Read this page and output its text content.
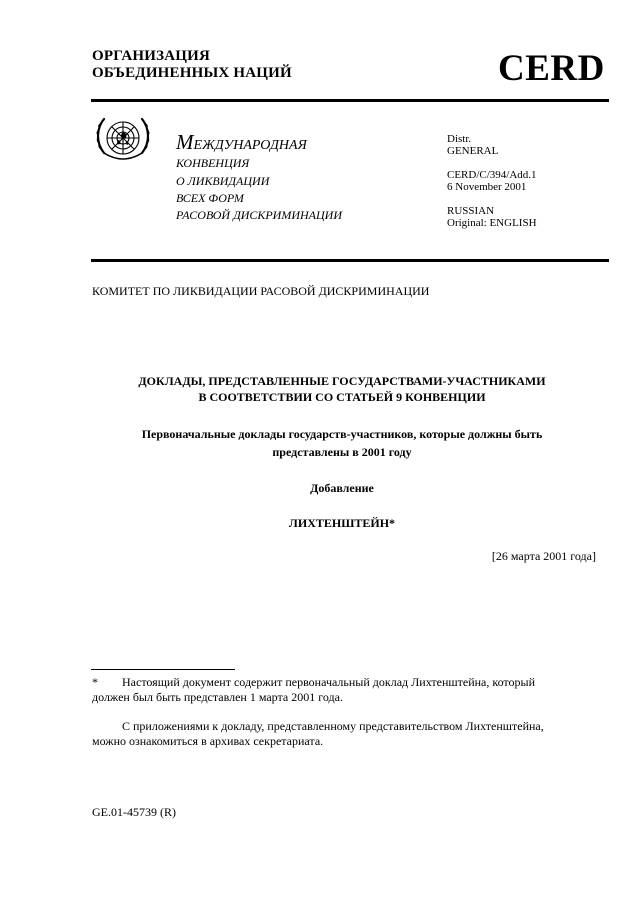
ОРГАНИЗАЦИЯ
ОБЪЕДИНЕННЫХ НАЦИЙ	CERD
МЕЖДУНАРОДНАЯ
КОНВЕНЦИЯ
О ЛИКВИДАЦИИ
ВСЕХ ФОРМ
РАСОВОЙ ДИСКРИМИНАЦИИ
Distr.
GENERAL
CERD/C/394/Add.1
6 November 2001
RUSSIAN
Original: ENGLISH
КОМИТЕТ ПО ЛИКВИДАЦИИ РАСОВОЙ ДИСКРИМИНАЦИИ
ДОКЛАДЫ, ПРЕДСТАВЛЕННЫЕ ГОСУДАРСТВАМИ-УЧАСТНИКАМИ
В СООТВЕТСТВИИ СО СТАТЬЕЙ 9 КОНВЕНЦИИ
Первоначальные доклады государств-участников, которые должны быть
представлены в 2001 году
Добавление
ЛИХТЕНШТЕЙН*
[26 марта 2001 года]
* Настоящий документ содержит первоначальный доклад Лихтенштейна, который
должен был быть представлен 1 марта 2001 года.
С приложениями к докладу, представленному представительством Лихтенштейна,
можно ознакомиться в архивах секретариата.
GE.01-45739 (R)
